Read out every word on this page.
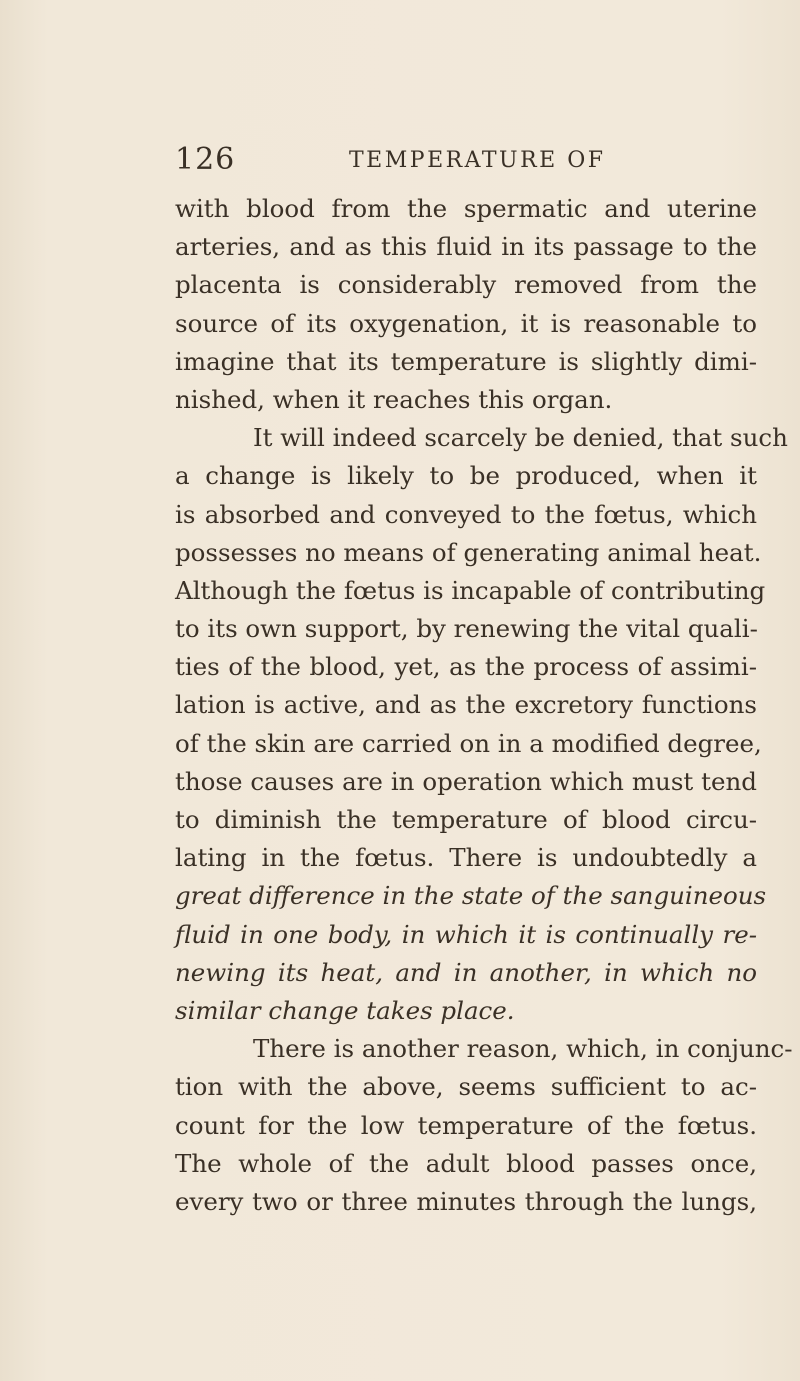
126	TEMPERATURE OF
with blood from the spermatic and uterine
arteries, and as this fluid in its passage to the
placenta is considerably removed from the
source of its oxygenation, it is reasonable to
imagine that its temperature is slightly dimi-
nished, when it reaches this organ.
It will indeed scarcely be denied, that such
a change is likely to be produced, when it
is absorbed and conveyed to the fœtus, which
possesses no means of generating animal heat.
Although the fœtus is incapable of contributing
to its own support, by renewing the vital quali-
ties of the blood, yet, as the process of assimi-
lation is active, and as the excretory functions
of the skin are carried on in a modified degree,
those causes are in operation which must tend
to diminish the temperature of blood circu-
lating in the fœtus. There is undoubtedly a
great difference in the state of the sanguineous
fluid in one body, in which it is continually re-
newing its heat, and in another, in which no
similar change takes place.
There is another reason, which, in conjunc-
tion with the above, seems sufficient to ac-
count for the low temperature of the fœtus.
The whole of the adult blood passes once,
every two or three minutes through the lungs,
